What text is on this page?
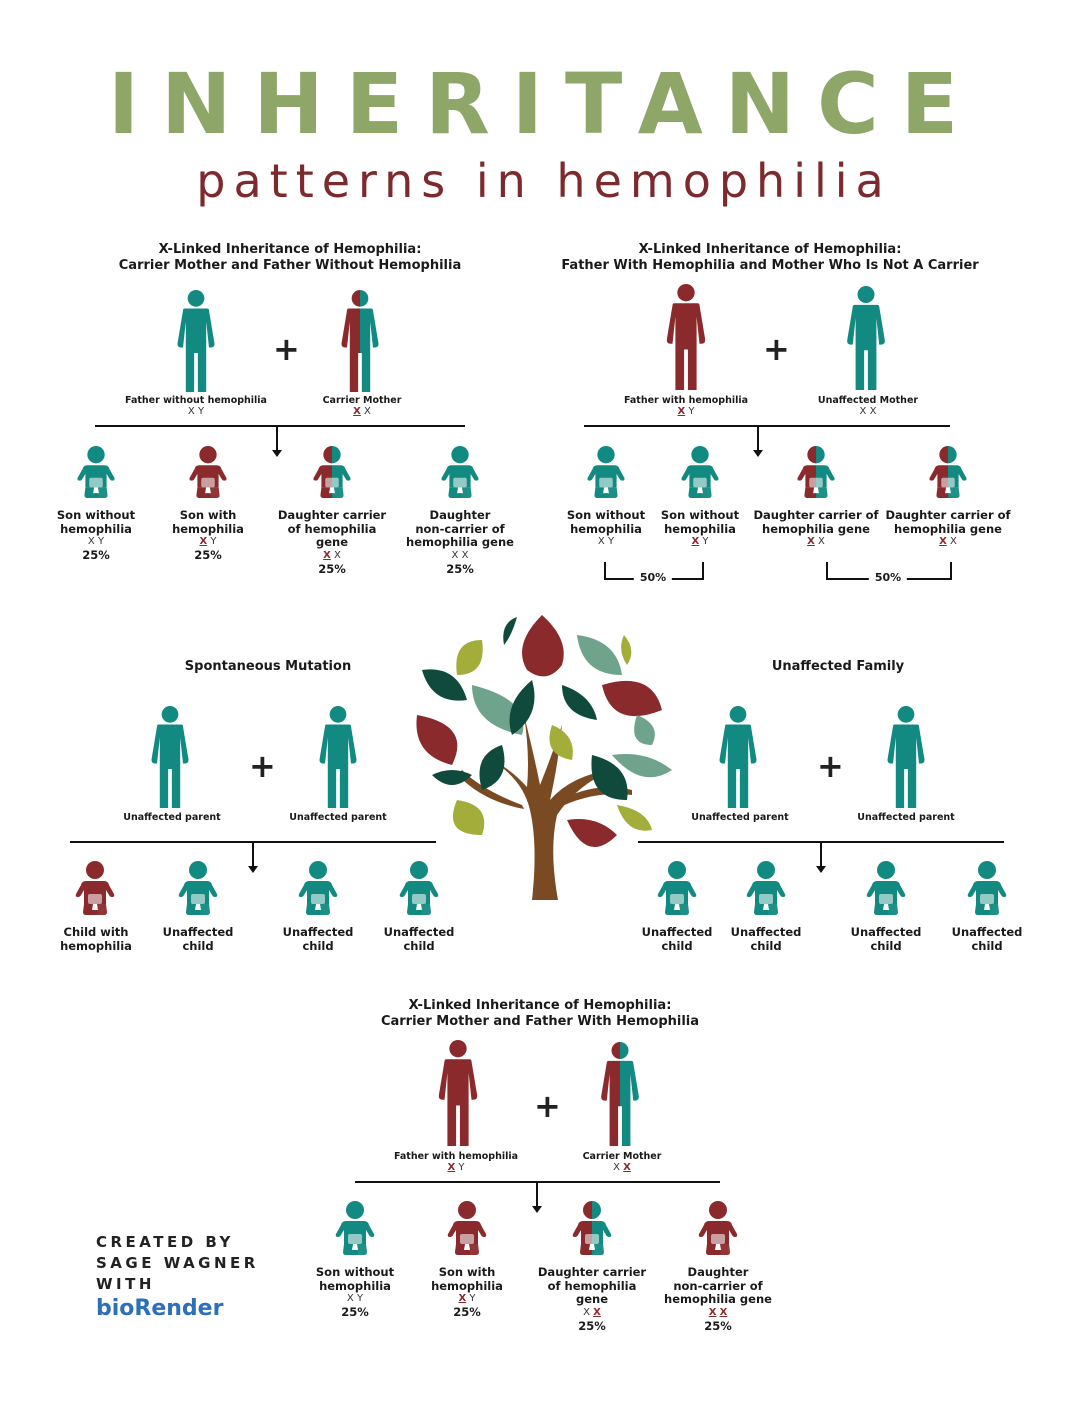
INHERITANCE
patterns in hemophilia
X-Linked Inheritance of Hemophilia:
Carrier Mother and Father Without Hemophilia
+
Father without hemophilia
X Y
Carrier Mother
X X
Son without
hemophilia
X Y
25%
Son with
hemophilia
X Y
25%
Daughter carrier
of hemophilia
gene
X X
25%
Daughter
non-carrier of
hemophilia gene
X X
25%
X-Linked Inheritance of Hemophilia:
Father With Hemophilia and Mother Who Is Not A Carrier
+
Father with hemophilia
X Y
Unaffected Mother
X X
Son without
hemophilia
X Y
Son without
hemophilia
X Y
Daughter carrier of
hemophilia gene
X X
Daughter carrier of
hemophilia gene
X X
50%	50%
Spontaneous Mutation
+
Unaffected parent	Unaffected parent
Child with
hemophilia
Unaffected
child
Unaffected
child
Unaffected
child
Unaffected Family
+
Unaffected parent	Unaffected parent
Unaffected
child
Unaffected
child
Unaffected
child
Unaffected
child
X-Linked Inheritance of Hemophilia:
Carrier Mother and Father With Hemophilia
+
Father with hemophilia
X Y
Carrier Mother
X X
Son without
hemophilia
X Y
25%
Son with
hemophilia
X Y
25%
Daughter carrier
of hemophilia
gene
X X
25%
Daughter
non-carrier of
hemophilia gene
X X
25%
CREATED BY
SAGE WAGNER
WITH
bioRender
